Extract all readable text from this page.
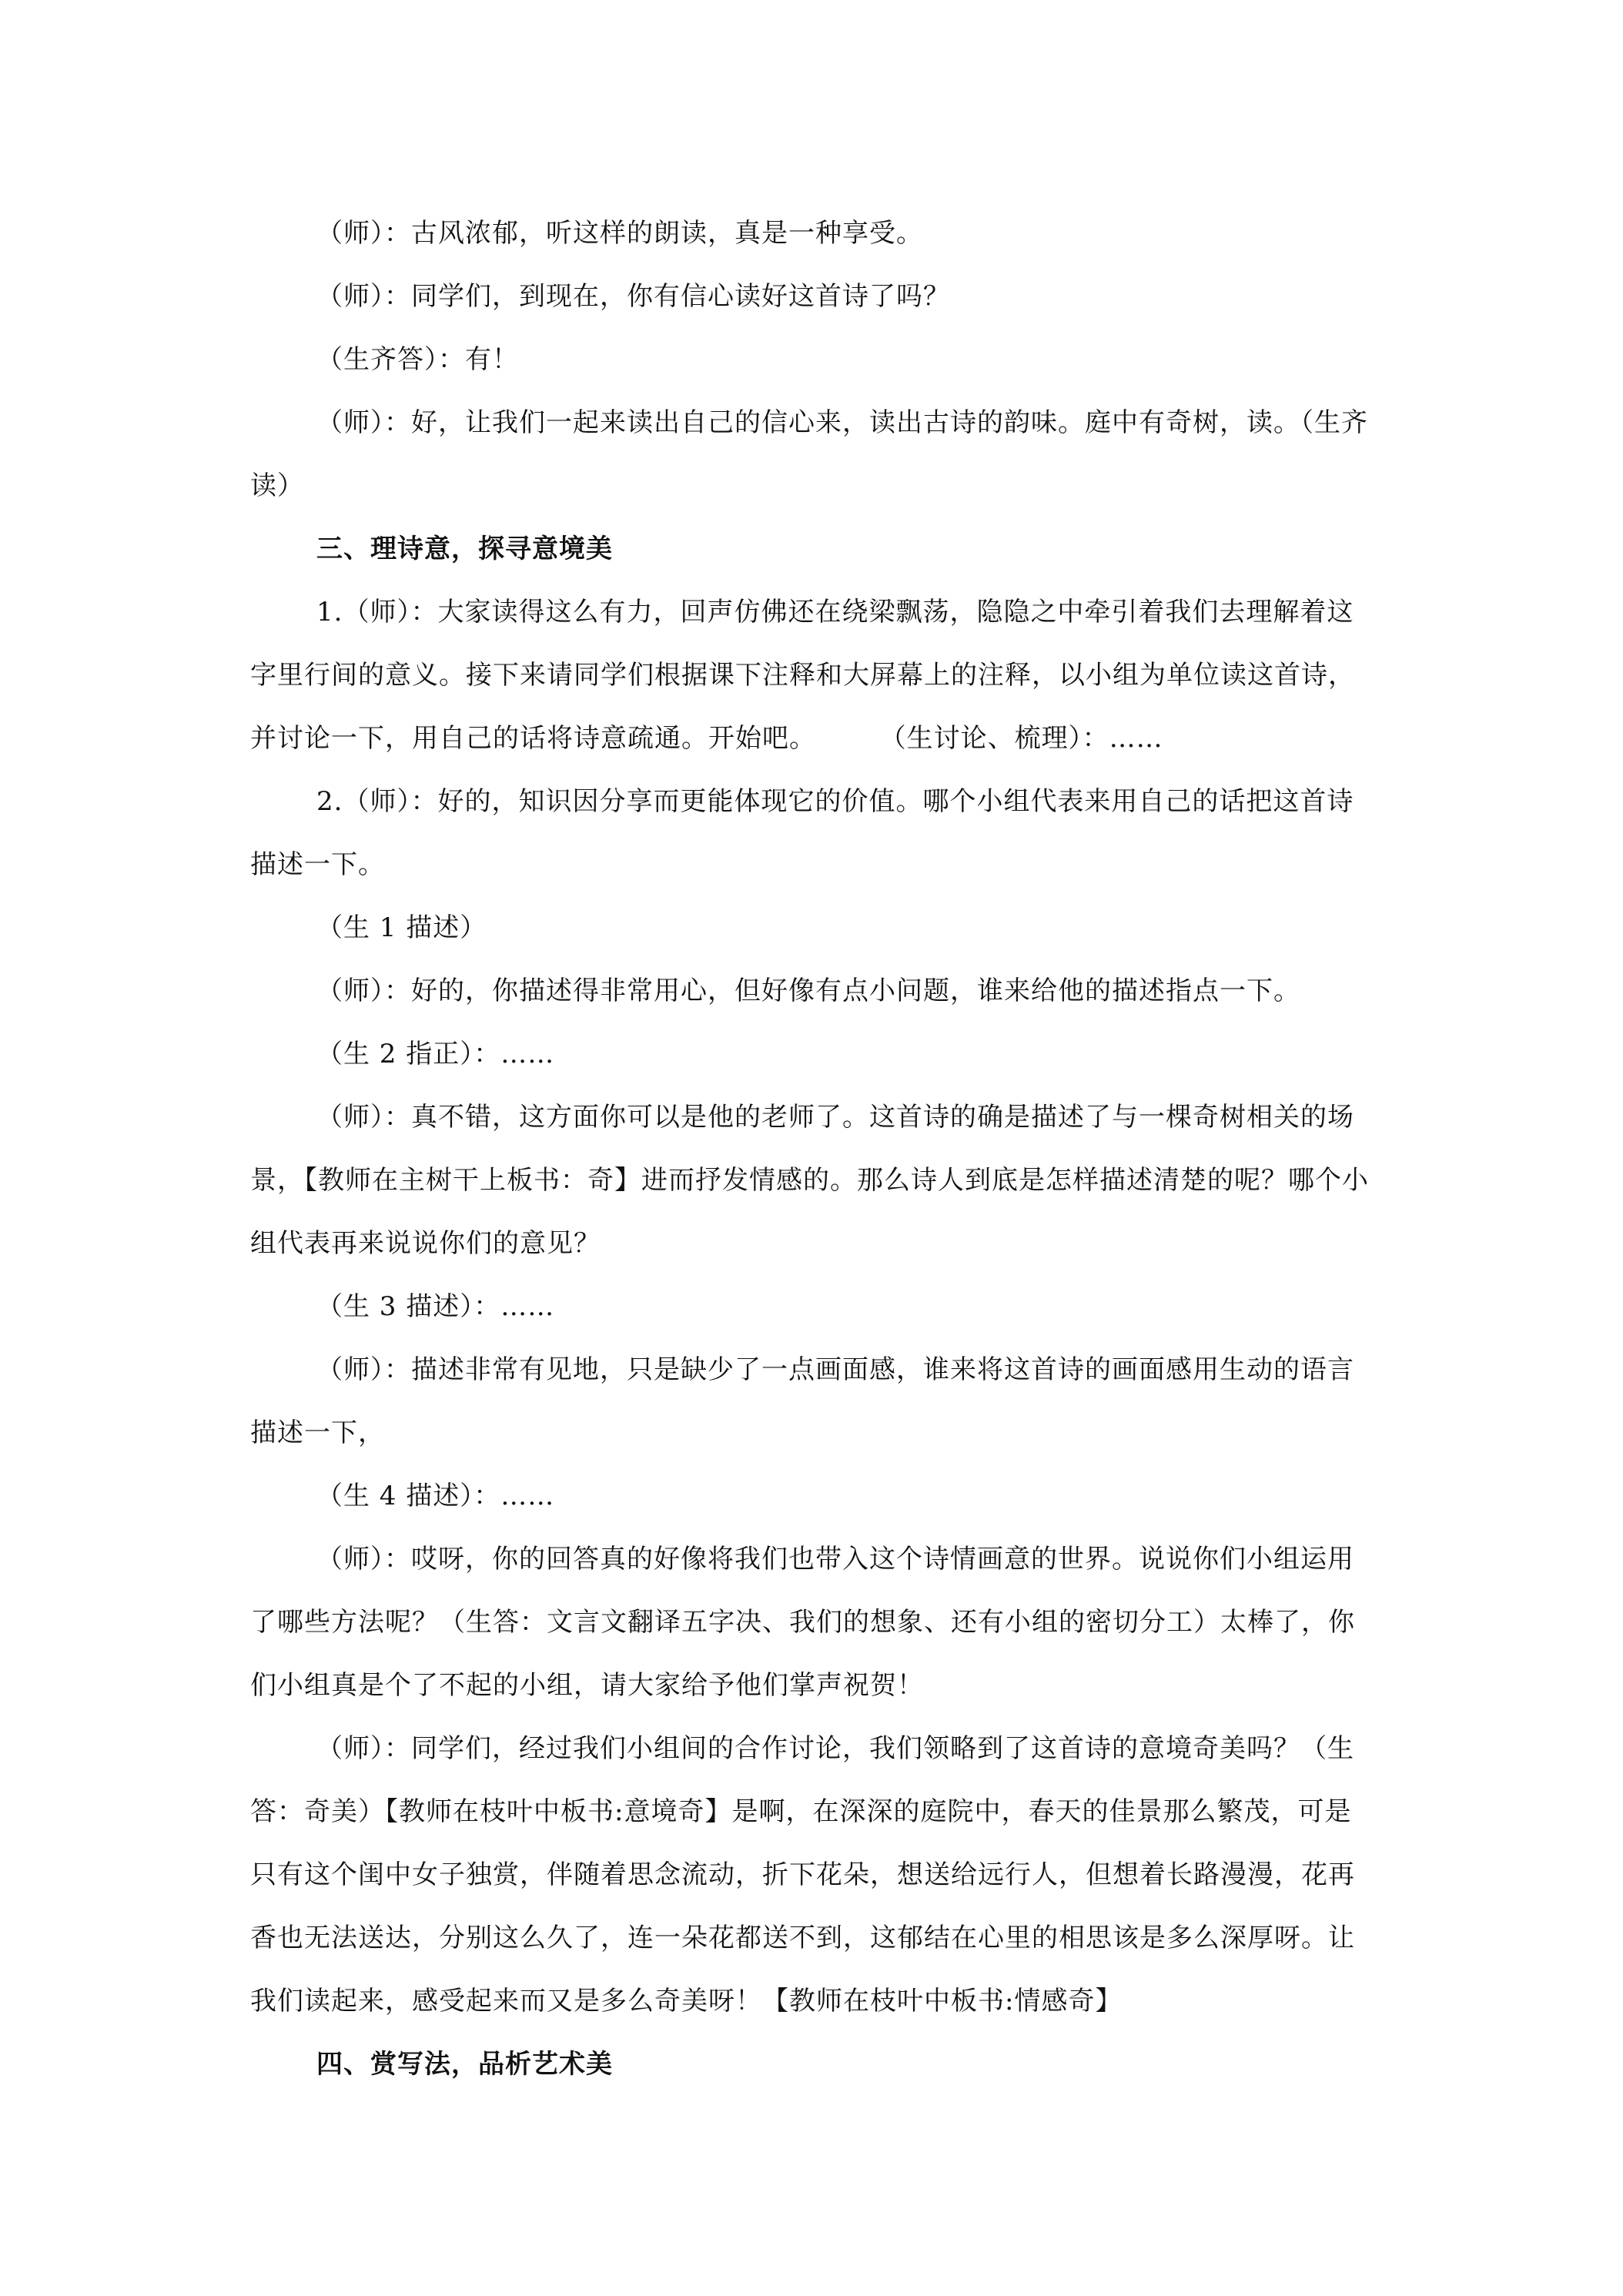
（师）：古风浓郁，听这样的朗读，真是一种享受。

（师）：同学们，到现在，你有信心读好这首诗了吗？

（生齐答）：有！

（师）：好，让我们一起来读出自己的信心来，读出古诗的韵味。庭中有奇树，读。（生齐读）

三、理诗意，探寻意境美

1.（师）：大家读得这么有力，回声仿佛还在绕梁飘荡，隐隐之中牵引着我们去理解着这字里行间的意义。接下来请同学们根据课下注释和大屏幕上的注释，以小组为单位读这首诗，并讨论一下，用自己的话将诗意疏通。开始吧。       （生讨论、梳理）：……

2.（师）：好的，知识因分享而更能体现它的价值。哪个小组代表来用自己的话把这首诗描述一下。

（生 1 描述）

（师）：好的，你描述得非常用心，但好像有点小问题，谁来给他的描述指点一下。

（生 2 指正）：……

（师）：真不错，这方面你可以是他的老师了。这首诗的确是描述了与一棵奇树相关的场景，【教师在主树干上板书：奇】进而抒发情感的。那么诗人到底是怎样描述清楚的呢？哪个小组代表再来说说你们的意见？

（生 3 描述）：……

（师）：描述非常有见地，只是缺少了一点画面感，谁来将这首诗的画面感用生动的语言描述一下，

（生 4 描述）：……

（师）：哎呀，你的回答真的好像将我们也带入这个诗情画意的世界。说说你们小组运用了哪些方法呢？（生答：文言文翻译五字决、我们的想象、还有小组的密切分工）太棒了，你们小组真是个了不起的小组，请大家给予他们掌声祝贺！

（师）：同学们，经过我们小组间的合作讨论，我们领略到了这首诗的意境奇美吗？（生答：奇美）【教师在枝叶中板书:意境奇】是啊，在深深的庭院中，春天的佳景那么繁茂，可是只有这个闺中女子独赏，伴随着思念流动，折下花朵，想送给远行人，但想着长路漫漫，花再香也无法送达，分别这么久了，连一朵花都送不到，这郁结在心里的相思该是多么深厚呀。让我们读起来，感受起来而又是多么奇美呀！【教师在枝叶中板书:情感奇】

四、赏写法，品析艺术美
